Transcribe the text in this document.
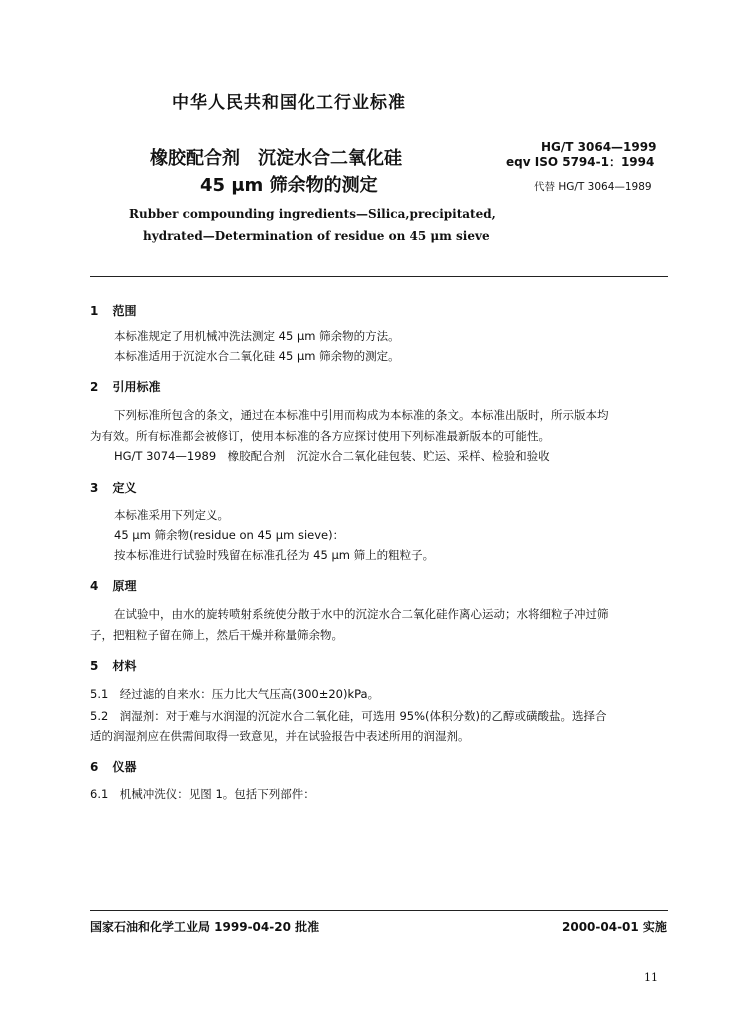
中华人民共和国化工行业标准
橡胶配合剂　沉淀水合二氧化硅
45 μm 筛余物的测定
HG/T 3064—1999
eqv ISO 5794-1：1994
代替 HG/T 3064—1989
Rubber compounding ingredients—Silica,precipitated,
hydrated—Determination of residue on 45 μm sieve
1 范围
本标准规定了用机械冲洗法测定 45 μm 筛余物的方法。
本标准适用于沉淀水合二氧化硅 45 μm 筛余物的测定。
2 引用标准
下列标准所包含的条文，通过在本标准中引用而构成为本标准的条文。本标准出版时，所示版本均
为有效。所有标准都会被修订，使用本标准的各方应探讨使用下列标准最新版本的可能性。
HG/T 3074—1989　橡胶配合剂　沉淀水合二氧化硅包装、贮运、采样、检验和验收
3 定义
本标准采用下列定义。
45 μm 筛余物(residue on 45 μm sieve)：
按本标准进行试验时残留在标准孔径为 45 μm 筛上的粗粒子。
4 原理
在试验中，由水的旋转喷射系统使分散于水中的沉淀水合二氧化硅作离心运动；水将细粒子冲过筛
子，把粗粒子留在筛上，然后干燥并称量筛余物。
5 材料
5.1　经过滤的自来水：压力比大气压高(300±20)kPa。
5.2　润湿剂：对于难与水润湿的沉淀水合二氧化硅，可选用 95%(体积分数)的乙醇或磺酸盐。选择合
适的润湿剂应在供需间取得一致意见，并在试验报告中表述所用的润湿剂。
6 仪器
6.1　机械冲洗仪：见图 1。包括下列部件：
国家石油和化学工业局 1999-04-20 批准	2000-04-01 实施
11
